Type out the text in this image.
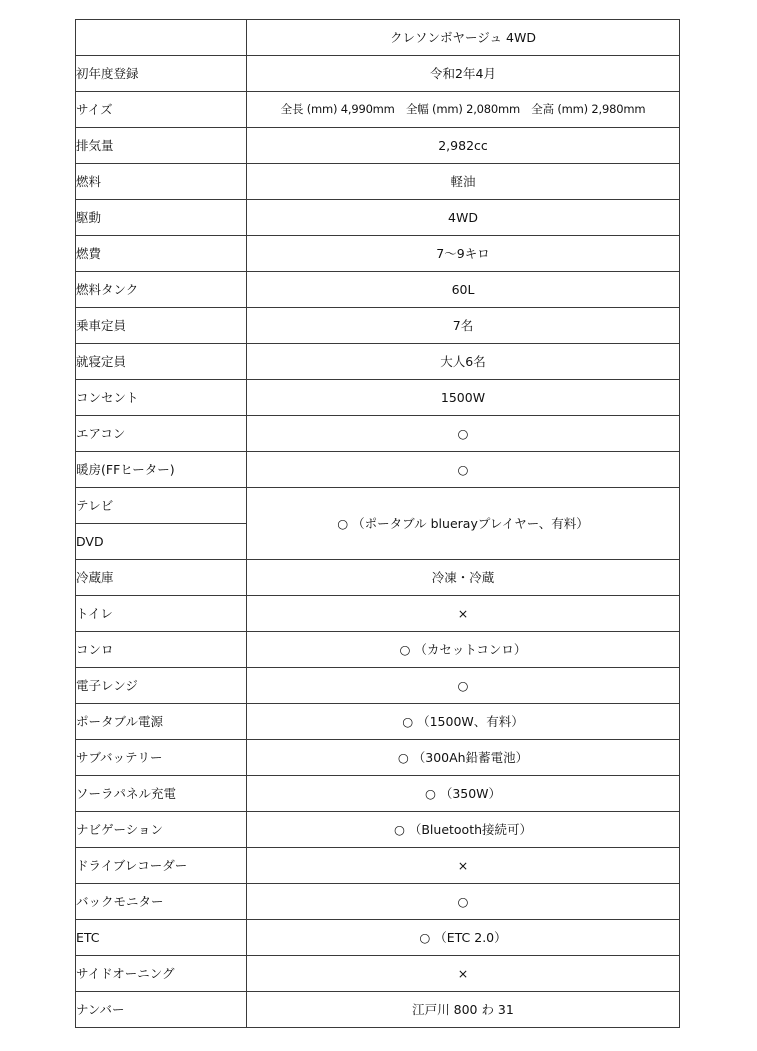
	クレソンボヤージュ 4WD
初年度登録	令和2年4月
サイズ	全長 (mm) 4,990mm　全幅 (mm) 2,080mm　全高 (mm) 2,980mm
排気量	2,982cc
燃料	軽油
駆動	4WD
燃費	7～9キロ
燃料タンク	60L
乗車定員	7名
就寝定員	大人6名
コンセント	1500W
エアコン	○
暖房(FFヒーター)	○
テレビ	○ （ポータブル bluerayプレイヤー、有料）
DVD	
冷蔵庫	冷凍・冷蔵
トイレ	×
コンロ	○ （カセットコンロ）
電子レンジ	○
ポータブル電源	○ （1500W、有料）
サブバッテリー	○ （300Ah鉛蓄電池）
ソーラパネル充電	○ （350W）
ナビゲーション	○ （Bluetooth接続可）
ドライブレコーダー	×
バックモニター	○
ETC	○ （ETC 2.0）
サイドオーニング	×
ナンバー	江戸川 800 わ 31
